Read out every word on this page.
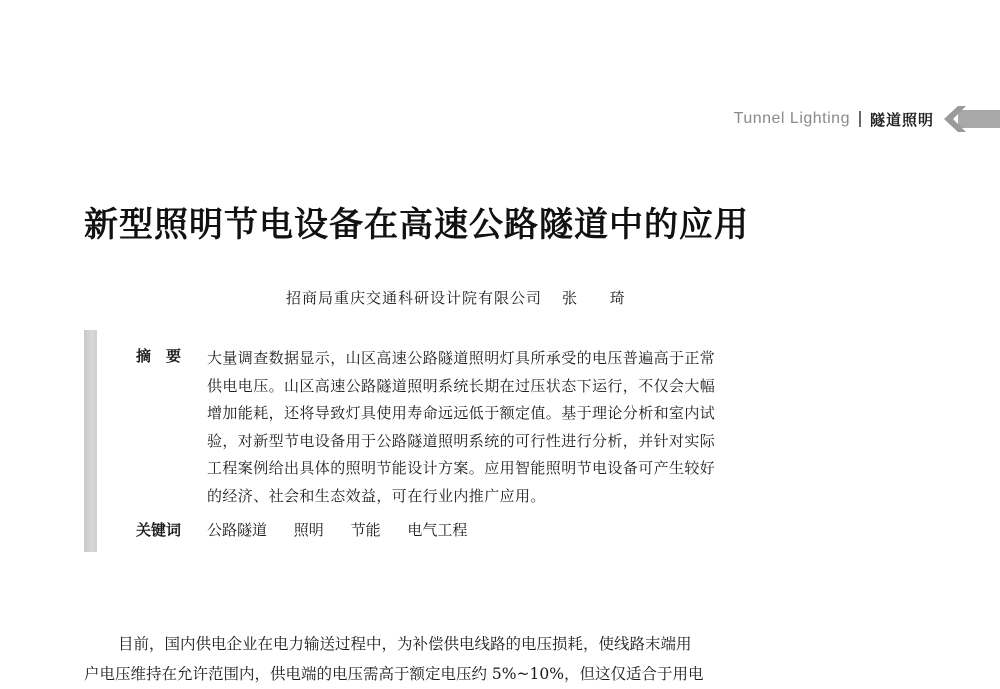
Tunnel Lighting 隧道照明
新型照明节电设备在高速公路隧道中的应用
招商局重庆交通科研设计院有限公司 张 琦
摘要 大量调查数据显示，山区高速公路隧道照明灯具所承受的电压普遍高于正常
供电电压。山区高速公路隧道照明系统长期在过压状态下运行，不仅会大幅
增加能耗，还将导致灯具使用寿命远远低于额定值。基于理论分析和室内试
验，对新型节电设备用于公路隧道照明系统的可行性进行分析，并针对实际
工程案例给出具体的照明节能设计方案。应用智能照明节电设备可产生较好
的经济、社会和生态效益，可在行业内推广应用。
关键词 公路隧道 照明 节能 电气工程
目前，国内供电企业在电力输送过程中，为补偿供电线路的电压损耗，使线路末端用
户电压维持在允许范围内，供电端的电压需高于额定电压约 5%~10%，但这仅适合于用电
